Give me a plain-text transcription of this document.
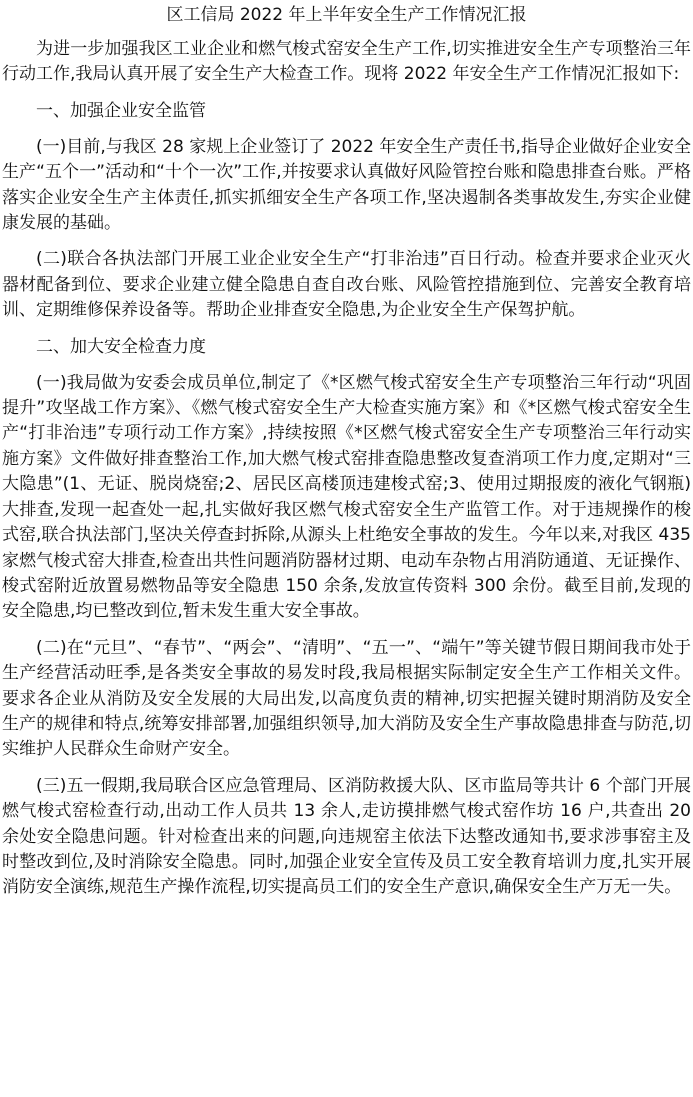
区工信局 2022 年上半年安全生产工作情况汇报

为进一步加强我区工业企业和燃气梭式窑安全生产工作,切实推进安全生产专项整治三年行动工作,我局认真开展了安全生产大检查工作。现将 2022 年安全生产工作情况汇报如下:

一、加强企业安全监管

(一)目前,与我区 28 家规上企业签订了 2022 年安全生产责任书,指导企业做好企业安全生产“五个一”活动和“十个一次”工作,并按要求认真做好风险管控台账和隐患排查台账。严格落实企业安全生产主体责任,抓实抓细安全生产各项工作,坚决遏制各类事故发生,夯实企业健康发展的基础。

(二)联合各执法部门开展工业企业安全生产“打非治违”百日行动。检查并要求企业灭火器材配备到位、要求企业建立健全隐患自查自改台账、风险管控措施到位、完善安全教育培训、定期维修保养设备等。帮助企业排查安全隐患,为企业安全生产保驾护航。

二、加大安全检查力度

(一)我局做为安委会成员单位,制定了《*区燃气梭式窑安全生产专项整治三年行动“巩固提升”攻坚战工作方案》、《燃气梭式窑安全生产大检查实施方案》和《*区燃气梭式窑安全生产“打非治违”专项行动工作方案》,持续按照《*区燃气梭式窑安全生产专项整治三年行动实施方案》文件做好排查整治工作,加大燃气梭式窑排查隐患整改复查消项工作力度,定期对“三大隐患”(1、无证、脱岗烧窑;2、居民区高楼顶违建梭式窑;3、使用过期报废的液化气钢瓶)大排查,发现一起查处一起,扎实做好我区燃气梭式窑安全生产监管工作。对于违规操作的梭式窑,联合执法部门,坚决关停查封拆除,从源头上杜绝安全事故的发生。今年以来,对我区 435 家燃气梭式窑大排查,检查出共性问题消防器材过期、电动车杂物占用消防通道、无证操作、梭式窑附近放置易燃物品等安全隐患 150 余条,发放宣传资料 300 余份。截至目前,发现的安全隐患,均已整改到位,暂未发生重大安全事故。

(二)在“元旦”、“春节”、“两会”、“清明”、“五一”、“端午”等关键节假日期间我市处于生产经营活动旺季,是各类安全事故的易发时段,我局根据实际制定安全生产工作相关文件。要求各企业从消防及安全发展的大局出发,以高度负责的精神,切实把握关键时期消防及安全生产的规律和特点,统筹安排部署,加强组织领导,加大消防及安全生产事故隐患排查与防范,切实维护人民群众生命财产安全。

(三)五一假期,我局联合区应急管理局、区消防救援大队、区市监局等共计 6 个部门开展燃气梭式窑检查行动,出动工作人员共 13 余人,走访摸排燃气梭式窑作坊 16 户,共查出 20 余处安全隐患问题。针对检查出来的问题,向违规窑主依法下达整改通知书,要求涉事窑主及时整改到位,及时消除安全隐患。同时,加强企业安全宣传及员工安全教育培训力度,扎实开展消防安全演练,规范生产操作流程,切实提高员工们的安全生产意识,确保安全生产万无一失。
